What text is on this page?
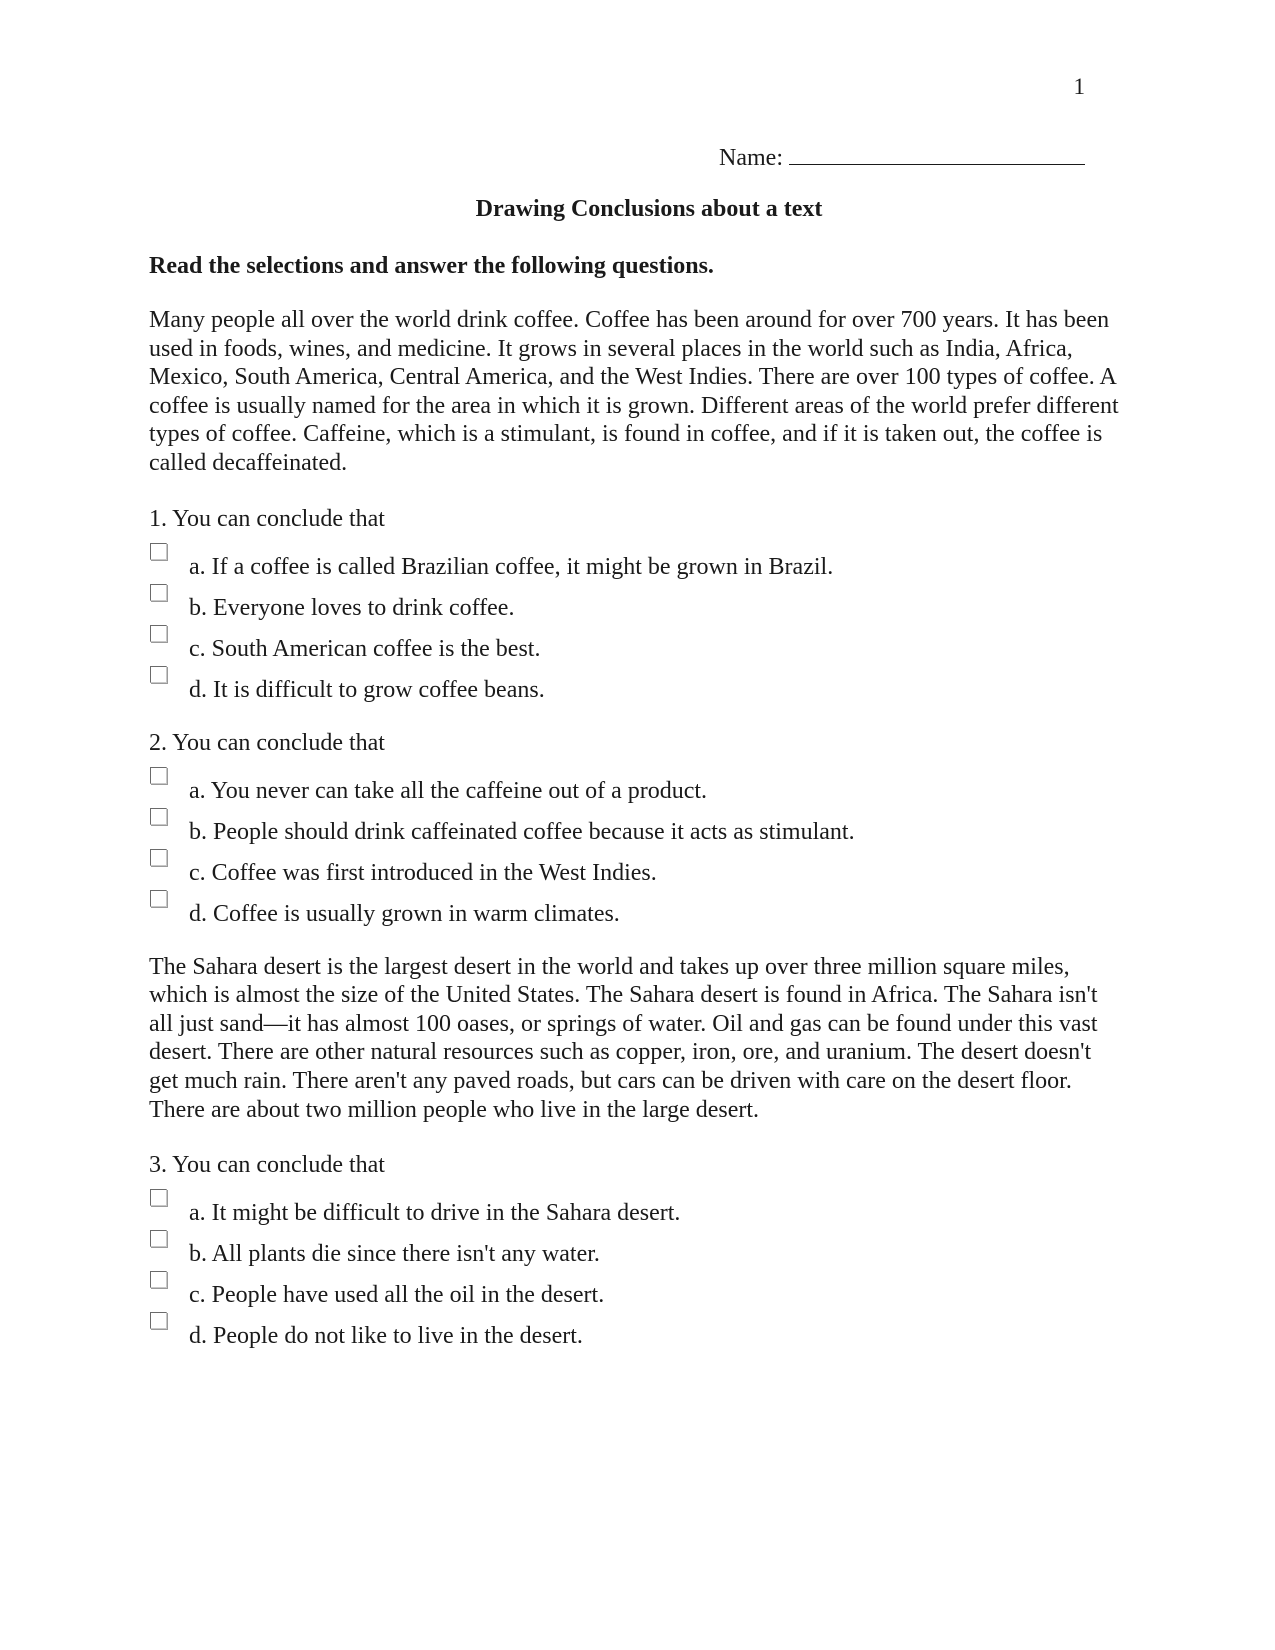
1
Name:
Drawing Conclusions about a text
Read the selections and answer the following questions.

Many people all over the world drink coffee. Coffee has been around for over 700 years. It has been used in foods, wines, and medicine. It grows in several places in the world such as India, Africa, Mexico, South America, Central America, and the West Indies. There are over 100 types of coffee. A coffee is usually named for the area in which it is grown. Different areas of the world prefer different types of coffee. Caffeine, which is a stimulant, is found in coffee, and if it is taken out, the coffee is called decaffeinated.

1. You can conclude that
a. If a coffee is called Brazilian coffee, it might be grown in Brazil.
b. Everyone loves to drink coffee.
c. South American coffee is the best.
d. It is difficult to grow coffee beans.
2. You can conclude that
a. You never can take all the caffeine out of a product.
b. People should drink caffeinated coffee because it acts as stimulant.
c. Coffee was first introduced in the West Indies.
d. Coffee is usually grown in warm climates.

The Sahara desert is the largest desert in the world and takes up over three million square miles, which is almost the size of the United States. The Sahara desert is found in Africa. The Sahara isn't all just sand—it has almost 100 oases, or springs of water. Oil and gas can be found under this vast desert. There are other natural resources such as copper, iron, ore, and uranium. The desert doesn't get much rain. There aren't any paved roads, but cars can be driven with care on the desert floor. There are about two million people who live in the large desert.

3. You can conclude that
a. It might be difficult to drive in the Sahara desert.
b. All plants die since there isn't any water.
c. People have used all the oil in the desert.
d. People do not like to live in the desert.
